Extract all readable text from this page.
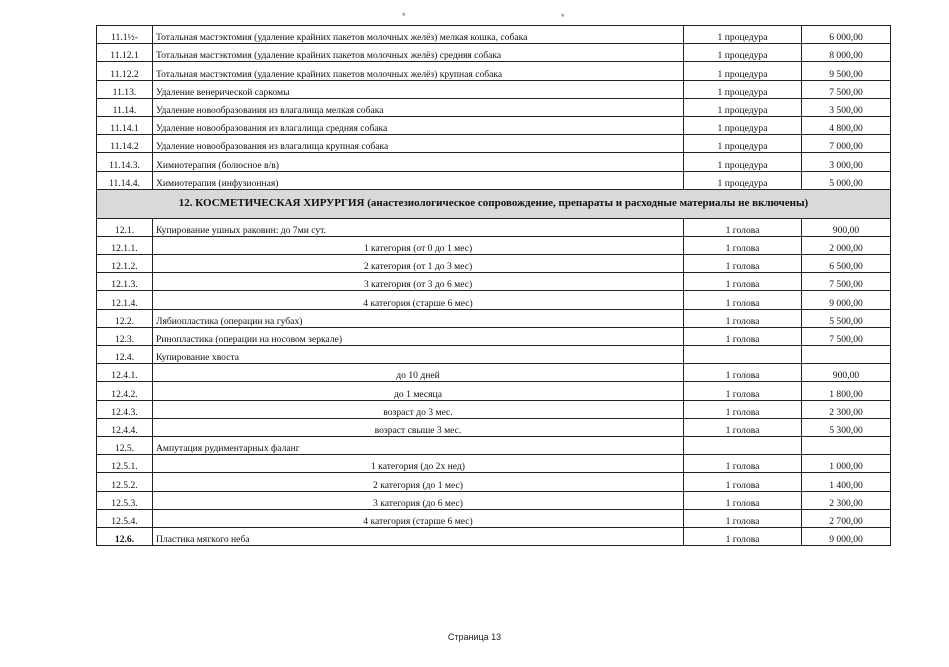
*	*
11.1½-	Тотальная мастэктомия (удаление крайних пакетов молочных желёз) мелкая кошка, собака	1 процедура	6 000,00
11.12.1	Тотальная мастэктомия (удаление крайних пакетов молочных желёз) средняя собака	1 процедура	8 000,00
11.12.2	Тотальная мастэктомия (удаление крайних пакетов молочных желёз) крупная собака	1 процедура	9 500,00
11.13.	Удаление венерической саркомы	1 процедура	7 500,00
11.14.	Удаление новообразования из влагалища мелкая собака	1 процедура	3 500,00
11.14.1	Удаление новообразования из влагалища средняя собака	1 процедура	4 800,00
11.14.2	Удаление новообразования из влагалища крупная собака	1 процедура	7 000,00
11.14.3.	Химиотерапия (болюсное в/в)	1 процедура	3 000,00
11.14.4.	Химиотерапия (инфузионная)	1 процедура	5 000,00
12. КОСМЕТИЧЕСКАЯ ХИРУРГИЯ (анастезиологическое сопровождение, препараты и расходные материалы не включены)			
12.1.	Купирование ушных раковин: до 7ми сут.	1 голова	900,00
12.1.1.	1 категория (от 0 до 1 мес)	1 голова	2 000,00
12.1.2.	2 категория (от 1 до 3 мес)	1 голова	6 500,00
12.1.3.	3 категория (от 3 до 6 мес)	1 голова	7 500,00
12.1.4.	4 категория (старше 6 мес)	1 голова	9 000,00
12.2.	Лябиопластика (операции на губах)	1 голова	5 500,00
12.3.	Ринопластика (операции на носовом зеркале)	1 голова	7 500,00
12.4.	Купирование хвоста		
12.4.1.	до 10 дней	1 голова	900,00
12.4.2.	до 1 месяца	1 голова	1 800,00
12.4.3.	возраст до 3 мес.	1 голова	2 300,00
12.4.4.	возраст свыше 3 мес.	1 голова	5 300,00
12.5.	Ампутация рудиментарных фаланг		
12.5.1.	1 категория (до 2х нед)	1 голова	1 000,00
12.5.2.	2 категория (до 1 мес)	1 голова	1 400,00
12.5.3.	3 категория (до 6 мес)	1 голова	2 300,00
12.5.4.	4 категория (старше 6 мес)	1 голова	2 700,00
12.6.	Пластика мягкого неба	1 голова	9 000,00
Страница 13
